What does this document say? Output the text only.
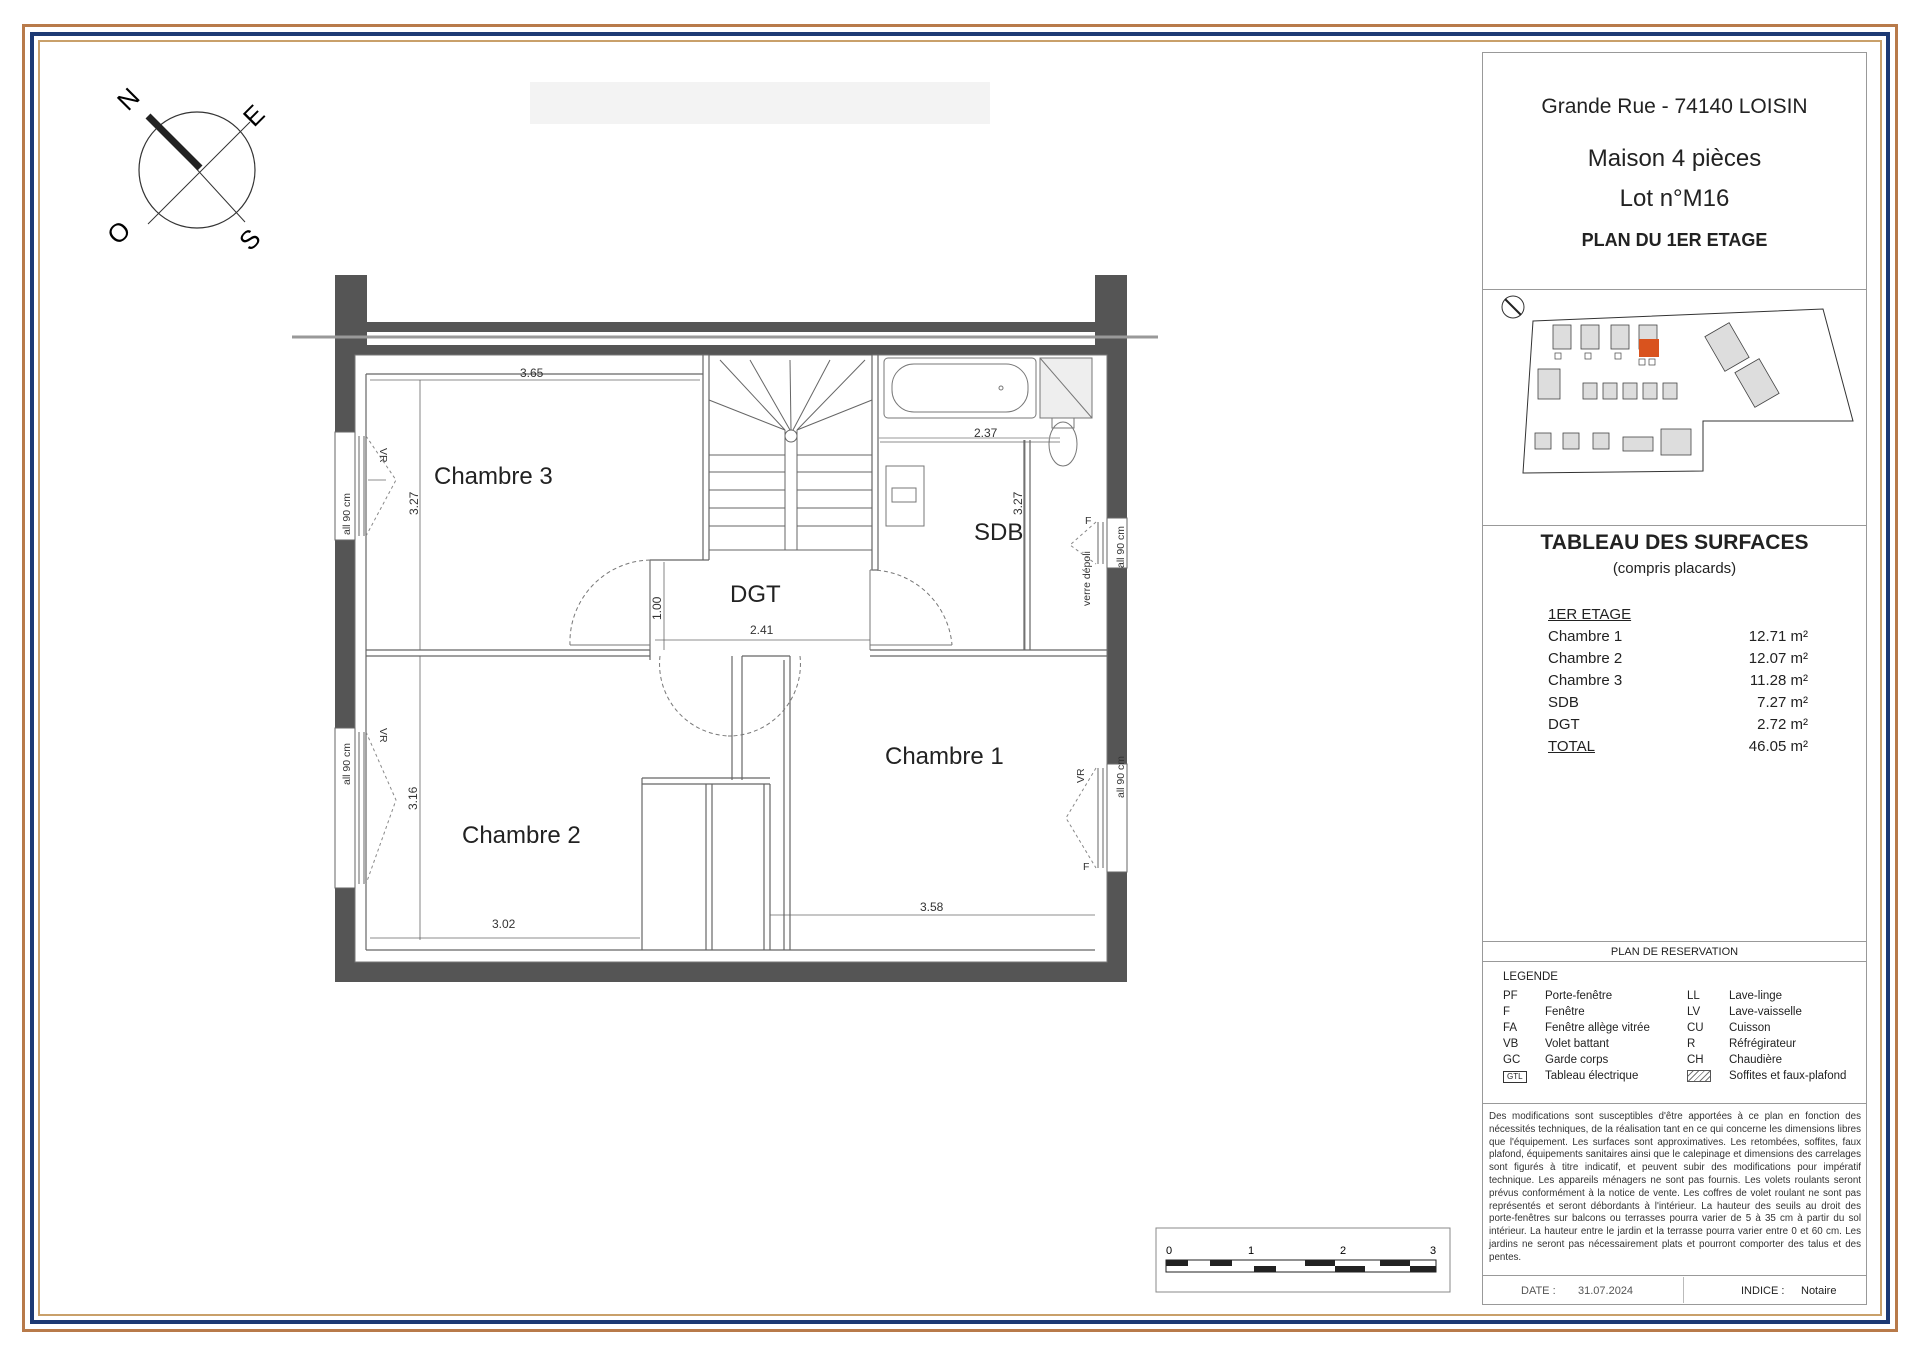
N	E
S
O
Chambre 3
DGT
SDB
Chambre 1
Chambre 2
3.65
3.27
2.37
3.27
1.00
2.41
3.16
3.02
3.58
all 90 cm
all 90 cm
all 90 cm
all 90 cm
verre dépoli
VR
VR
VR
F
F
0	1	2	3
Grande Rue - 74140 LOISIN
Maison 4 pièces
Lot n°M16
PLAN DU 1ER ETAGE
TABLEAU DES SURFACES
(compris placards)
1ER ETAGE
Chambre 1	12.71 m²
Chambre 2	12.07 m²
Chambre 3	11.28 m²
SDB	7.27 m²
DGT	2.72 m²
TOTAL	46.05 m²
PLAN DE RESERVATION
LEGENDE
PF	Porte-fenêtre	LL	Lave-linge
F	Fenêtre	LV	Lave-vaisselle
FA	Fenêtre allège vitrée	CU	Cuisson
VB	Volet battant	R	Réfrégirateur
GC	Garde corps	CH	Chaudière
GTL	Tableau électrique	Soffites et faux-plafond
Des modifications sont susceptibles d'être apportées à ce plan en fonction des nécessités techniques, de la réalisation tant en ce qui concerne les dimensions libres que l'équipement. Les surfaces sont approximatives. Les retombées, soffites, faux plafond, équipements sanitaires ainsi que le calepinage et dimensions des carrelages sont figurés à titre indicatif, et peuvent subir des modifications pour impératif technique. Les appareils ménagers ne sont pas fournis. Les volets roulants seront prévus conformément à la notice de vente. Les coffres de volet roulant ne sont pas représentés et seront débordants à l'intérieur. La hauteur des seuils au droit des porte-fenêtres sur balcons ou terrasses pourra varier de 5 à 35 cm à partir du sol intérieur. La hauteur entre le jardin et la terrasse pourra varier entre 0 et 60 cm. Les jardins ne seront pas nécessairement plats et pourront comporter des talus et des pentes.
DATE : 31.07.2024	INDICE : Notaire
